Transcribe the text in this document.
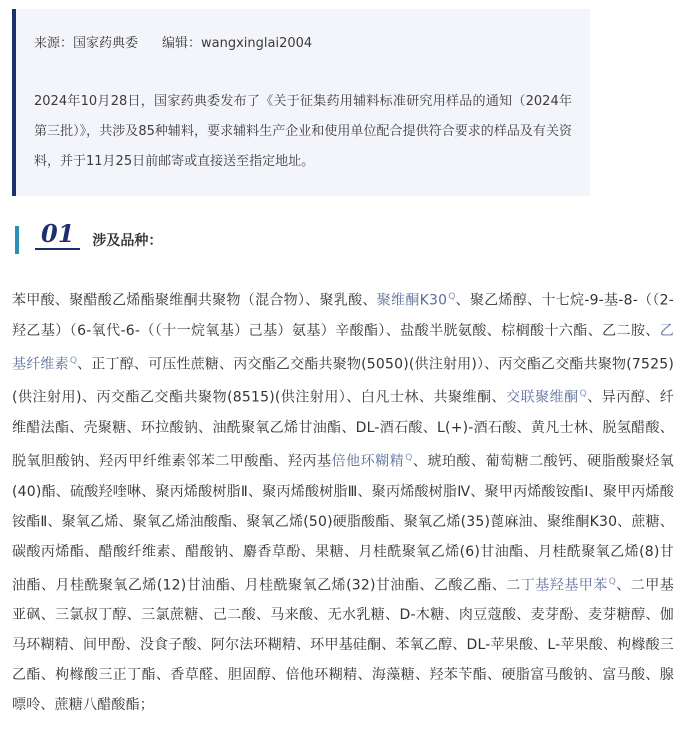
来源：国家药典委 编辑：wangxinglai2004
2024年10月28日，国家药典委发布了《关于征集药用辅料标准研究用样品的通知（2024年第三批）》，共涉及85种辅料，要求辅料生产企业和使用单位配合提供符合要求的样品及有关资料，并于11月25日前邮寄或直接送至指定地址。
01	涉及品种：
苯甲酸、聚醋酸乙烯酯聚维酮共聚物（混合物）、聚乳酸、聚维酮$K30^Q$、聚乙烯醇、十七烷-9-基-8-（（2-羟乙基）（6-氧代-6-（（十一烷氧基）己基）氨基）辛酸酯）、盐酸半胱氨酸、棕榈酸十六酯、乙二胺、乙基纤维素$^Q$、正丁醇、可压性蔗糖、丙交酯乙交酯共聚物(5050)(供注射用)）、丙交酯乙交酯共聚物(7525)(供注射用)、丙交酯乙交酯共聚物(8515)(供注射用）、白凡士林、共聚维酮、交联聚维酮$^Q$、异丙醇、纤维醋法酯、壳聚糖、环拉酸钠、油酰聚氧乙烯甘油酯、DL-酒石酸、L(+)-酒石酸、黄凡士林、脱氢醋酸、脱氧胆酸钠、羟丙甲纤维素邻苯二甲酸酯、羟丙基倍他环糊精$^Q$、琥珀酸、葡萄糖二酸钙、硬脂酸聚烃氧(40)酯、硫酸羟喹啉、聚丙烯酸树脂Ⅱ、聚丙烯酸树脂Ⅲ、聚丙烯酸树脂Ⅳ、聚甲丙烯酸铵酯Ⅰ、聚甲丙烯酸铵酯Ⅱ、聚氧乙烯、聚氧乙烯油酸酯、聚氧乙烯(50)硬脂酸酯、聚氧乙烯(35)蓖麻油、聚维酮K30、蔗糖、碳酸丙烯酯、醋酸纤维素、醋酸钠、麝香草酚、果糖、月桂酰聚氧乙烯(6)甘油酯、月桂酰聚氧乙烯(8)甘油酯、月桂酰聚氧乙烯(12)甘油酯、月桂酰聚氧乙烯(32)甘油酯、乙酸乙酯、二丁基羟基甲苯$^Q$、二甲基亚砜、三氯叔丁醇、三氯蔗糖、己二酸、马来酸、无水乳糖、D-木糖、肉豆蔻酸、麦芽酚、麦芽糖醇、伽马环糊精、间甲酚、没食子酸、阿尔法环糊精、环甲基硅酮、苯氧乙醇、DL-苹果酸、L-苹果酸、枸橼酸三乙酯、枸橼酸三正丁酯、香草醛、胆固醇、倍他环糊精、海藻糖、羟苯苄酯、硬脂富马酸钠、富马酸、腺嘌呤、蔗糖八醋酸酯；
